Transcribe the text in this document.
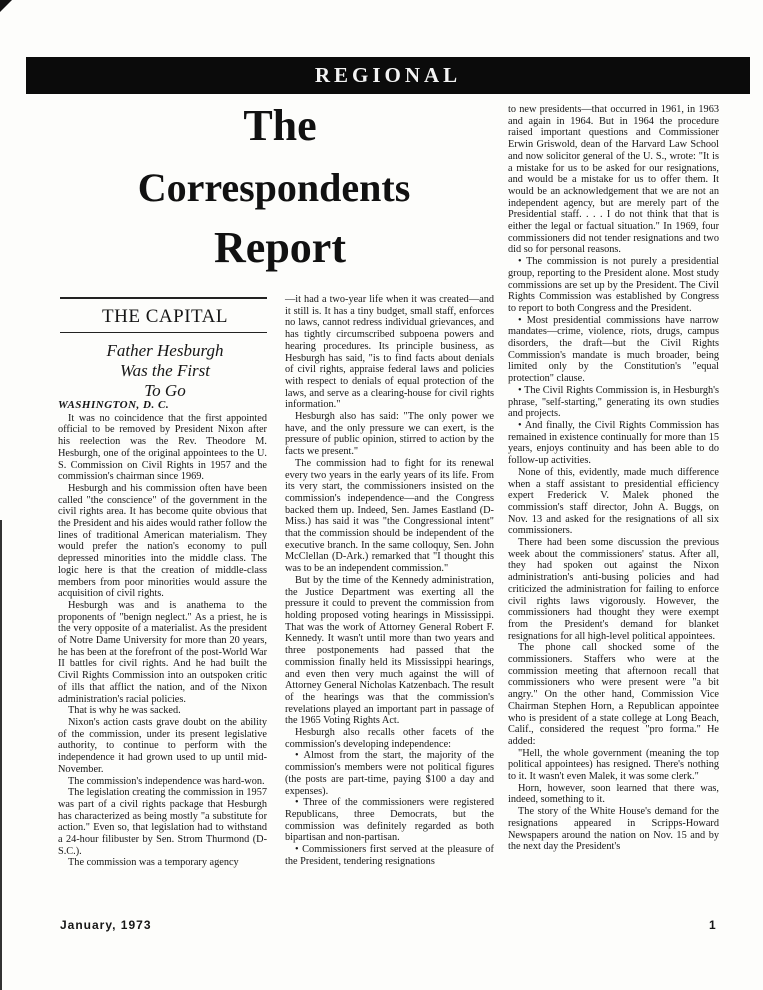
REGIONAL
The
Correspondents
Report
THE CAPITAL
Father Hesburgh
Was the First
To Go

WASHINGTON, D. C.

It was no coincidence that the first appointed official to be removed by President Nixon after his reelection was the Rev. Theodore M. Hesburgh, one of the original appointees to the U. S. Commission on Civil Rights in 1957 and the commission's chairman since 1969.

Hesburgh and his commission often have been called "the conscience" of the government in the civil rights area. It has become quite obvious that the President and his aides would rather follow the lines of traditional American materialism. They would prefer the nation's economy to pull depressed minorities into the middle class. The logic here is that the creation of middle-class members from poor minorities would assure the acquisition of civil rights.

Hesburgh was and is anathema to the proponents of "benign neglect." As a priest, he is the very opposite of a materialist. As the president of Notre Dame University for more than 20 years, he has been at the forefront of the post-World War II battles for civil rights. And he had built the Civil Rights Commission into an outspoken critic of ills that afflict the nation, and of the Nixon administration's racial policies.

That is why he was sacked.

Nixon's action casts grave doubt on the ability of the commission, under its present legislative authority, to continue to perform with the independence it had grown used to up until mid-November.

The commission's independence was hard-won.

The legislation creating the commission in 1957 was part of a civil rights package that Hesburgh has characterized as being mostly "a substitute for action." Even so, that legislation had to withstand a 24-hour filibuster by Sen. Strom Thurmond (D-S.C.).

The commission was a temporary agency

—it had a two-year life when it was created—and it still is. It has a tiny budget, small staff, enforces no laws, cannot redress individual grievances, and has tightly circumscribed subpoena powers and hearing procedures. Its principle business, as Hesburgh has said, "is to find facts about denials of civil rights, appraise federal laws and policies with respect to denials of equal protection of the laws, and serve as a clearing-house for civil rights information."

Hesburgh also has said: "The only power we have, and the only pressure we can exert, is the pressure of public opinion, stirred to action by the facts we present."

The commission had to fight for its renewal every two years in the early years of its life. From its very start, the commissioners insisted on the commission's independence—and the Congress backed them up. Indeed, Sen. James Eastland (D-Miss.) has said it was "the Congressional intent" that the commission should be independent of the executive branch. In the same colloquy, Sen. John McClellan (D-Ark.) remarked that "I thought this was to be an independent commission."

But by the time of the Kennedy administration, the Justice Department was exerting all the pressure it could to prevent the commission from holding proposed voting hearings in Mississippi. That was the work of Attorney General Robert F. Kennedy. It wasn't until more than two years and three postponements had passed that the commission finally held its Mississippi hearings, and even then very much against the will of Attorney General Nicholas Katzenbach. The result of the hearings was that the commission's revelations played an important part in passage of the 1965 Voting Rights Act.

Hesburgh also recalls other facets of the commission's developing independence:

• Almost from the start, the majority of the commission's members were not political figures (the posts are part-time, paying $100 a day and expenses).

• Three of the commissioners were registered Republicans, three Democrats, but the commission was definitely regarded as both bipartisan and non-partisan.

• Commissioners first served at the pleasure of the President, tendering resignations

to new presidents—that occurred in 1961, in 1963 and again in 1964. But in 1964 the procedure raised important questions and Commissioner Erwin Griswold, dean of the Harvard Law School and now solicitor general of the U. S., wrote: "It is a mistake for us to be asked for our resignations, and would be a mistake for us to offer them. It would be an acknowledgement that we are not an independent agency, but are merely part of the Presidential staff. . . . I do not think that that is either the legal or factual situation." In 1969, four commissioners did not tender resignations and two did so for personal reasons.

• The commission is not purely a presidential group, reporting to the President alone. Most study commissions are set up by the President. The Civil Rights Commission was established by Congress to report to both Congress and the President.

• Most presidential commissions have narrow mandates—crime, violence, riots, drugs, campus disorders, the draft—but the Civil Rights Commission's mandate is much broader, being limited only by the Constitution's "equal protection" clause.

• The Civil Rights Commission is, in Hesburgh's phrase, "self-starting," generating its own studies and projects.

• And finally, the Civil Rights Commission has remained in existence continually for more than 15 years, enjoys continuity and has been able to do follow-up activities.

None of this, evidently, made much difference when a staff assistant to presidential efficiency expert Frederick V. Malek phoned the commission's staff director, John A. Buggs, on Nov. 13 and asked for the resignations of all six commissioners.

There had been some discussion the previous week about the commissioners' status. After all, they had spoken out against the Nixon administration's anti-busing policies and had criticized the administration for failing to enforce civil rights laws vigorously. However, the commissioners had thought they were exempt from the President's demand for blanket resignations for all high-level political appointees.

The phone call shocked some of the commissioners. Staffers who were at the commission meeting that afternoon recall that commissioners who were present were "a bit angry." On the other hand, Commission Vice Chairman Stephen Horn, a Republican appointee who is president of a state college at Long Beach, Calif., considered the request "pro forma." He added:

"Hell, the whole government (meaning the top political appointees) has resigned. There's nothing to it. It wasn't even Malek, it was some clerk."

Horn, however, soon learned that there was, indeed, something to it.

The story of the White House's demand for the resignations appeared in Scripps-Howard Newspapers around the nation on Nov. 15 and by the next day the President's

January, 1973	1
